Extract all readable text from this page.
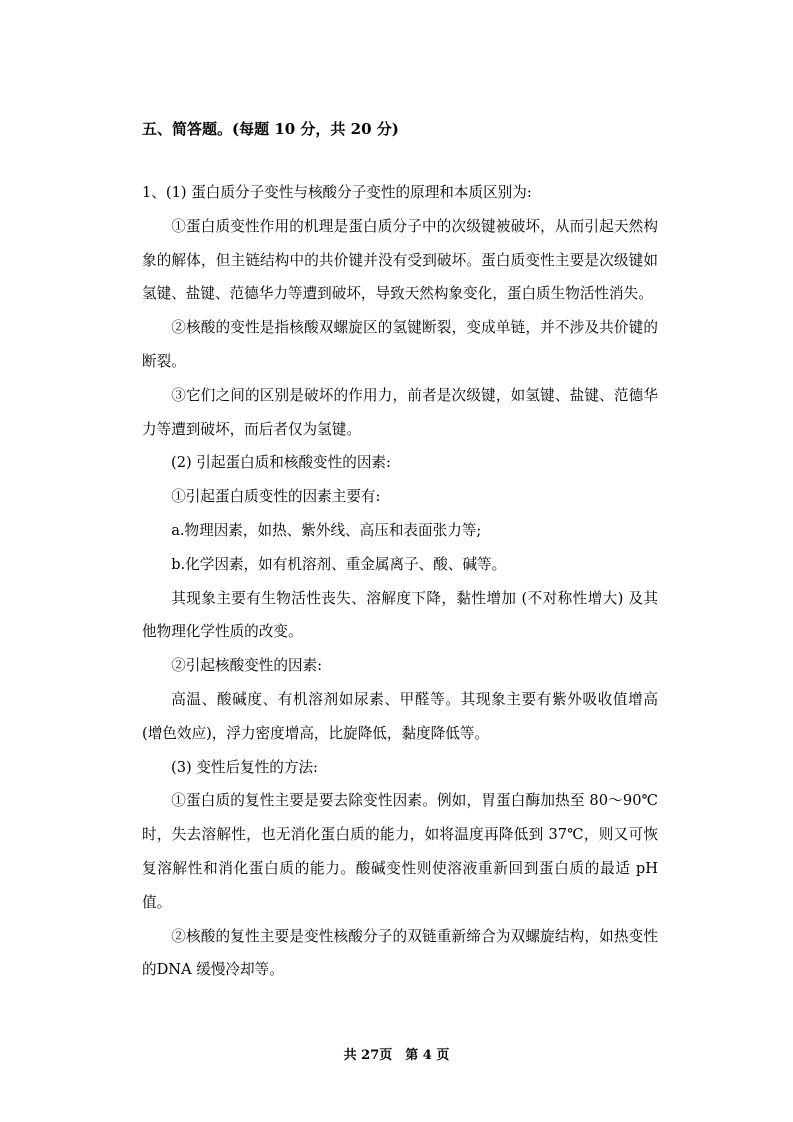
五、简答题。(每题 10 分，共 20 分)

1、(1) 蛋白质分子变性与核酸分子变性的原理和本质区别为:

①蛋白质变性作用的机理是蛋白质分子中的次级键被破坏，从而引起天然构象的解体，但主链结构中的共价键并没有受到破坏。蛋白质变性主要是次级键如氢键、盐键、范德华力等遭到破坏，导致天然构象变化，蛋白质生物活性消失。

②核酸的变性是指核酸双螺旋区的氢键断裂，变成单链，并不涉及共价键的断裂。

③它们之间的区别是破坏的作用力，前者是次级键，如氢键、盐键、范德华力等遭到破坏，而后者仅为氢键。

(2) 引起蛋白质和核酸变性的因素:

①引起蛋白质变性的因素主要有:

a.物理因素，如热、紫外线、高压和表面张力等;

b.化学因素，如有机溶剂、重金属离子、酸、碱等。

其现象主要有生物活性丧失、溶解度下降，黏性增加 (不对称性增大) 及其他物理化学性质的改变。

②引起核酸变性的因素:

高温、酸碱度、有机溶剂如尿素、甲醛等。其现象主要有紫外吸收值增高 (增色效应)，浮力密度增高，比旋降低，黏度降低等。

(3) 变性后复性的方法:

①蛋白质的复性主要是要去除变性因素。例如，胃蛋白酶加热至 80～90℃时，失去溶解性，也无消化蛋白质的能力，如将温度再降低到 37℃，则又可恢复溶解性和消化蛋白质的能力。酸碱变性则使溶液重新回到蛋白质的最适 pH 值。

②核酸的复性主要是变性核酸分子的双链重新缔合为双螺旋结构，如热变性的DNA 缓慢冷却等。

共 27页　第 4 页
